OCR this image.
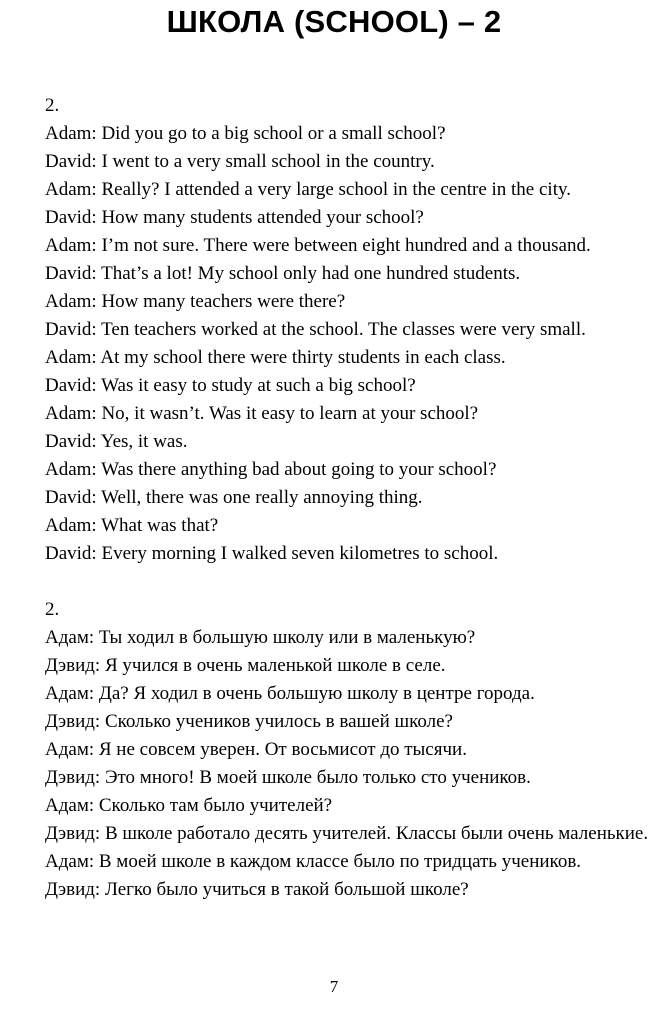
ШКОЛА (SCHOOL) – 2

2.

Adam: Did you go to a big school or a small school?

David: I went to a very small school in the country.

Adam: Really? I attended a very large school in the centre in the city.

David: How many students attended your school?

Adam: I’m not sure. There were between eight hundred and a thousand.

David: That’s a lot! My school only had one hundred students.

Adam: How many teachers were there?

David: Ten teachers worked at the school. The classes were very small.

Adam: At my school there were thirty students in each class.

David: Was it easy to study at such a big school?

Adam: No, it wasn’t. Was it easy to learn at your school?

David: Yes, it was.

Adam: Was there anything bad about going to your school?

David: Well, there was one really annoying thing.

Adam: What was that?

David: Every morning I walked seven kilometres to school.

2.

Адам: Ты ходил в большую школу или в маленькую?

Дэвид: Я учился в очень маленькой школе в селе.

Адам: Да? Я ходил в очень большую школу в центре города.

Дэвид: Сколько учеников училось в вашей школе?

Адам: Я не совсем уверен. От восьмисот до тысячи.

Дэвид: Это много! В моей школе было только сто учеников.

Адам: Сколько там было учителей?

Дэвид: В школе работало десять учителей. Классы были очень маленькие.

Адам: В моей школе в каждом классе было по тридцать учеников.

Дэвид: Легко было учиться в такой большой школе?

7
